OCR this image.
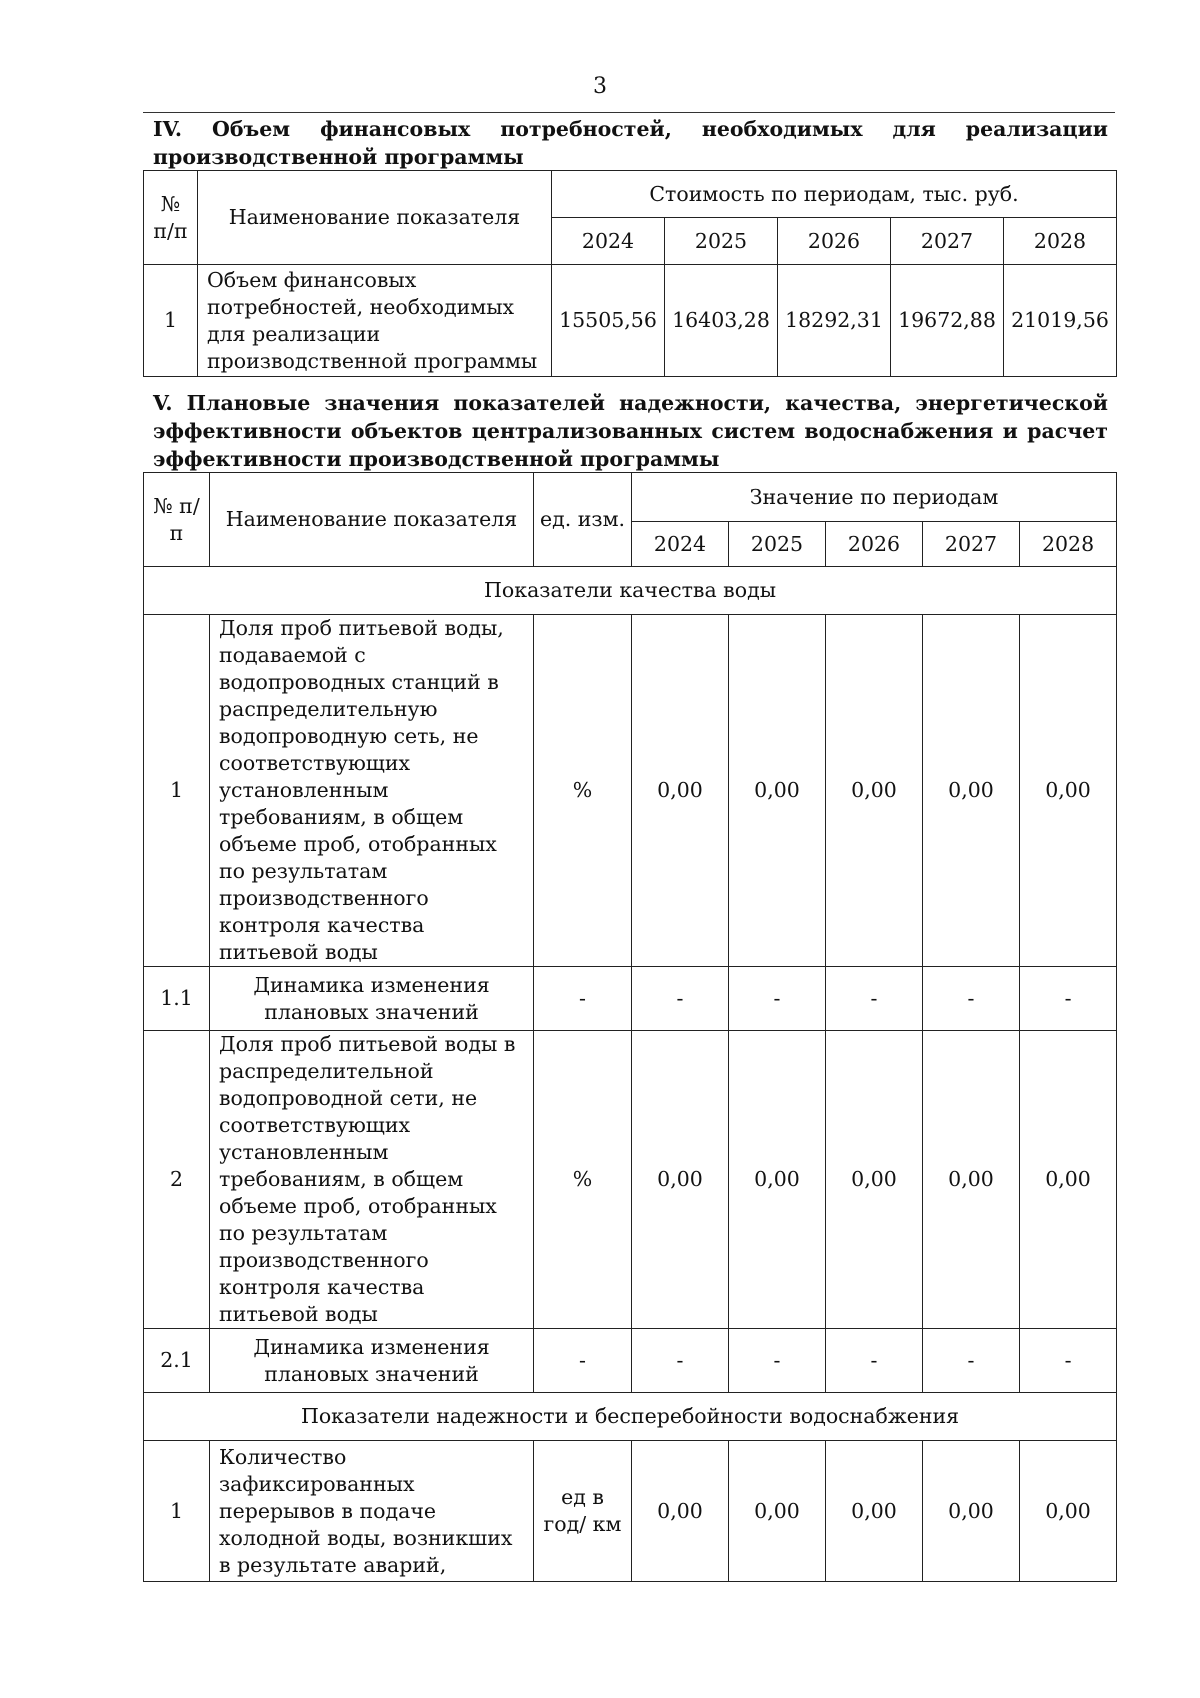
3
IV. Объем финансовых потребностей, необходимых для реализации производственной программы
№ п/п	Наименование показателя	Стоимость по периодам, тыс. руб.				
		2024	2025	2026	2027	2028
1	Объем финансовых потребностей, необходимых для реализации производственной программы	15505,56	16403,28	18292,31	19672,88	21019,56
V. Плановые значения показателей надежности, качества, энергетической эффективности объектов централизованных систем водоснабжения и расчет эффективности производственной программы
№ п/п	Наименование показателя	ед. изм.	Значение по периодам				
			2024	2025	2026	2027	2028
Показатели качества воды							
1	Доля проб питьевой воды, подаваемой с водопроводных станций в распределительную водопроводную сеть, не соответствующих установленным требованиям, в общем объеме проб, отобранных по результатам производственного контроля качества питьевой воды	%	0,00	0,00	0,00	0,00	0,00
1.1	Динамика изменения плановых значений	-	-	-	-	-	-
2	Доля проб питьевой воды в распределительной водопроводной сети, не соответствующих установленным требованиям, в общем объеме проб, отобранных по результатам производственного контроля качества питьевой воды	%	0,00	0,00	0,00	0,00	0,00
2.1	Динамика изменения плановых значений	-	-	-	-	-	-
Показатели надежности и бесперебойности водоснабжения							
1	Количество зафиксированных перерывов в подаче холодной воды, возникших в результате аварий,	ед в год/ км	0,00	0,00	0,00	0,00	0,00
